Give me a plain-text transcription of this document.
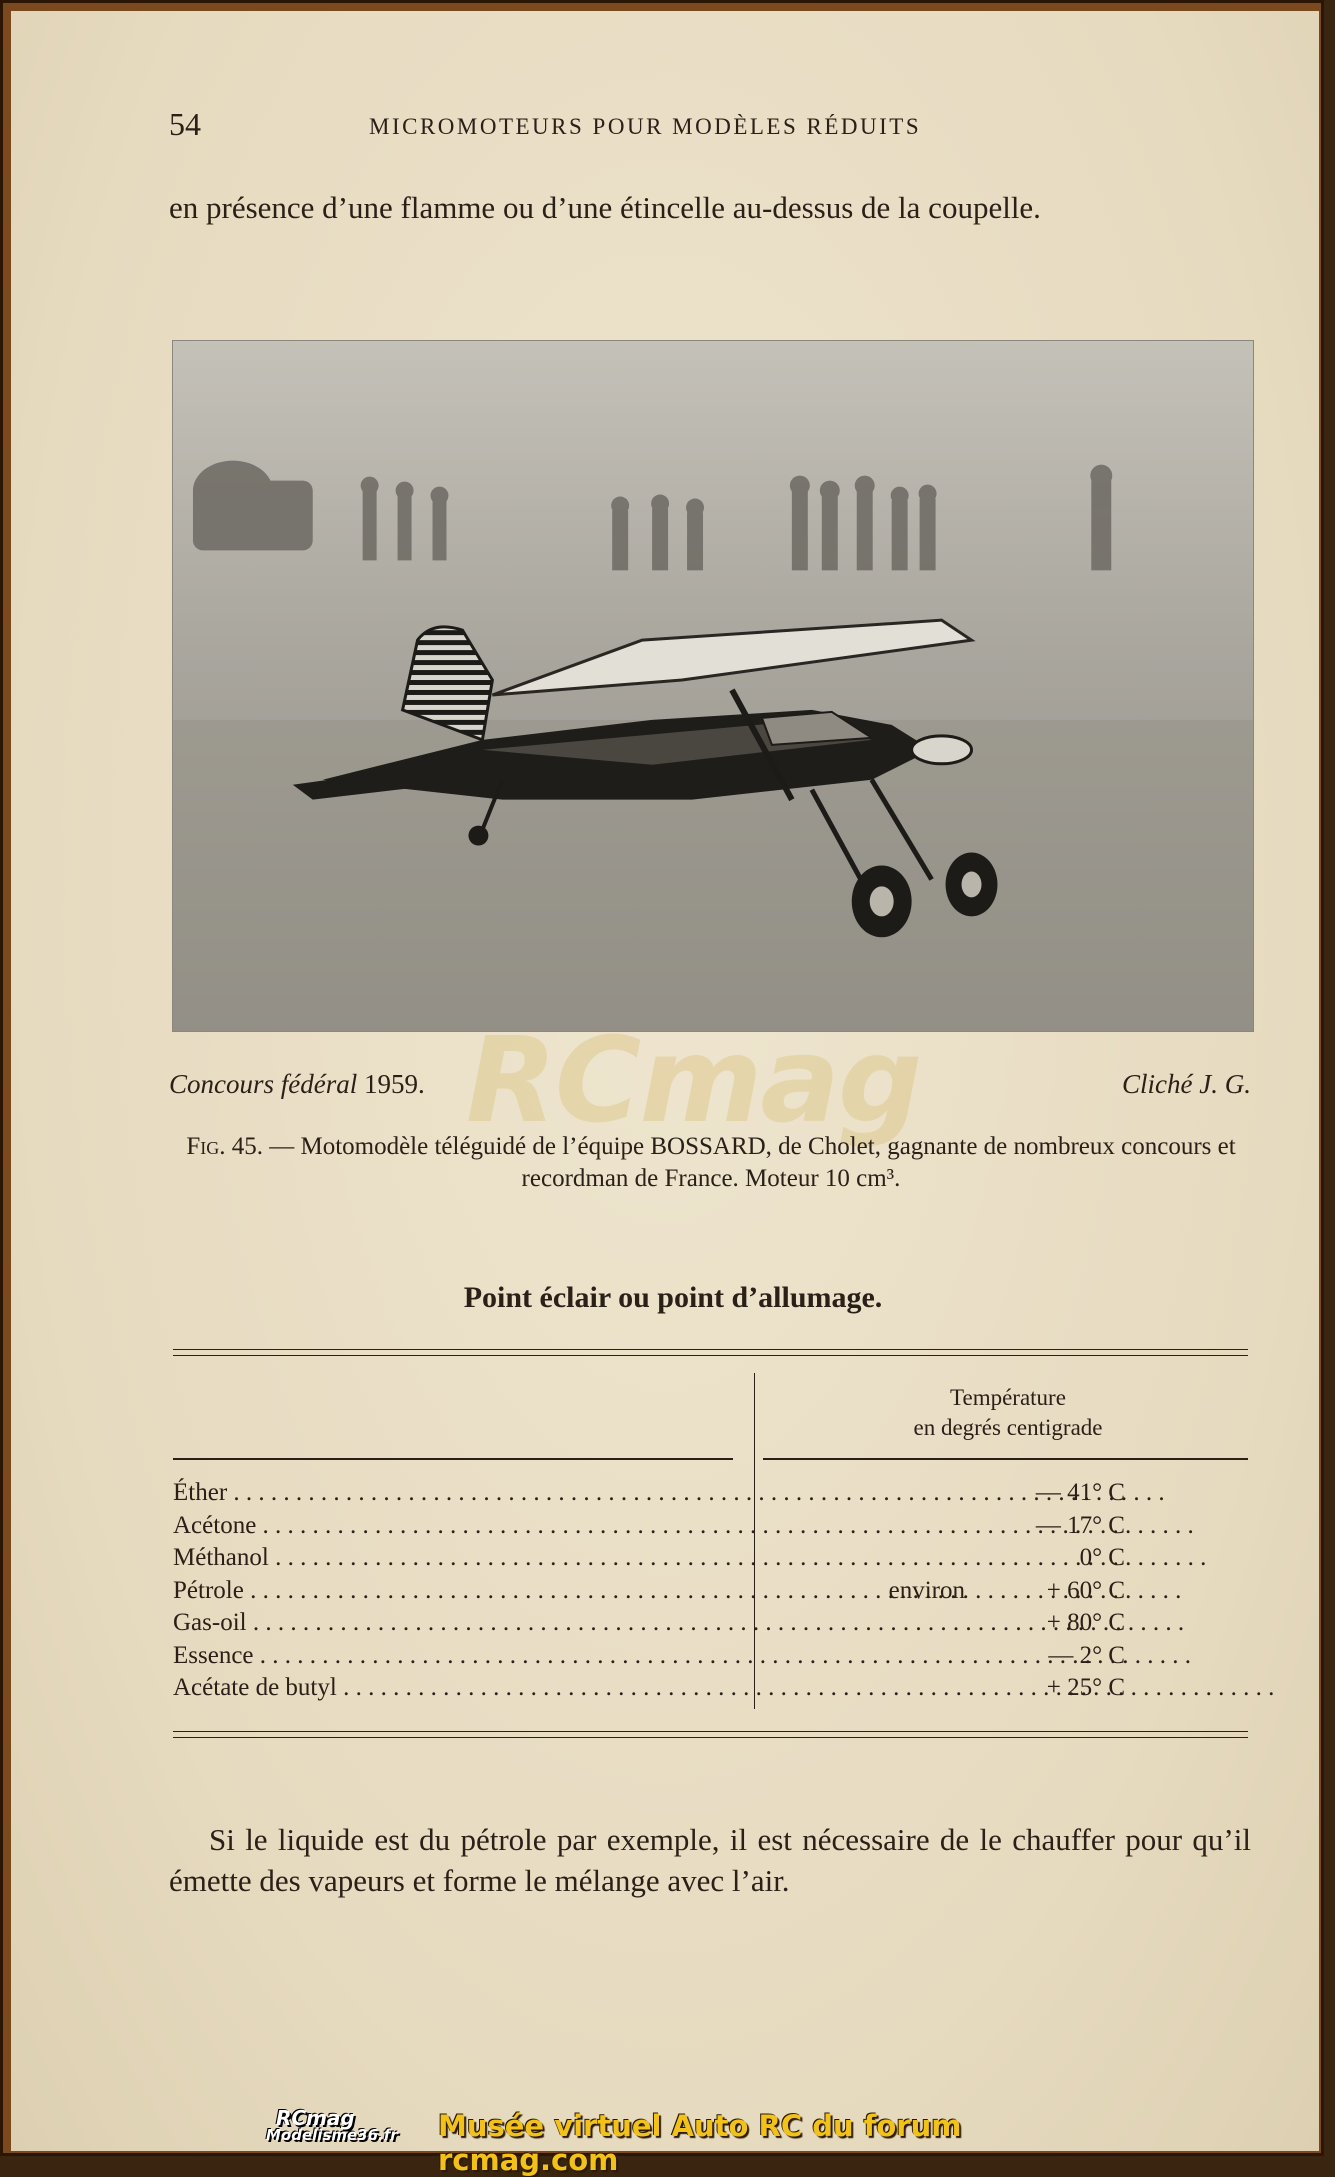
54	MICROMOTEURS POUR MODÈLES RÉDUITS

en présence d’une flamme ou d’une étincelle au-dessus de la coupelle.

Concours fédéral 1959.	Cliché J. G.
RCmag

Fig. 45. — Motomodèle téléguidé de l’équipe BOSSARD, de Cholet, gagnante de nombreux concours et recordman de France. Moteur 10 cm³.

Point éclair ou point d’allumage.
Température
en degrés centigrade
Éther . . .	— 41° C
Acétone . . .	— 17° C
Méthanol . . .	0° C
Pétrole . . .	environ	+ 60° C
Gas-oil . . .	+ 80° C
Essence . . .	— 2° C
Acétate de butyl . . .	+ 25° C

Si le liquide est du pétrole par exemple, il est nécessaire de le chauffer pour qu’il émette des vapeurs et forme le mélange avec l’air.

RCmag
Modelisme36.fr Musée virtuel Auto RC du forum rcmag.com
